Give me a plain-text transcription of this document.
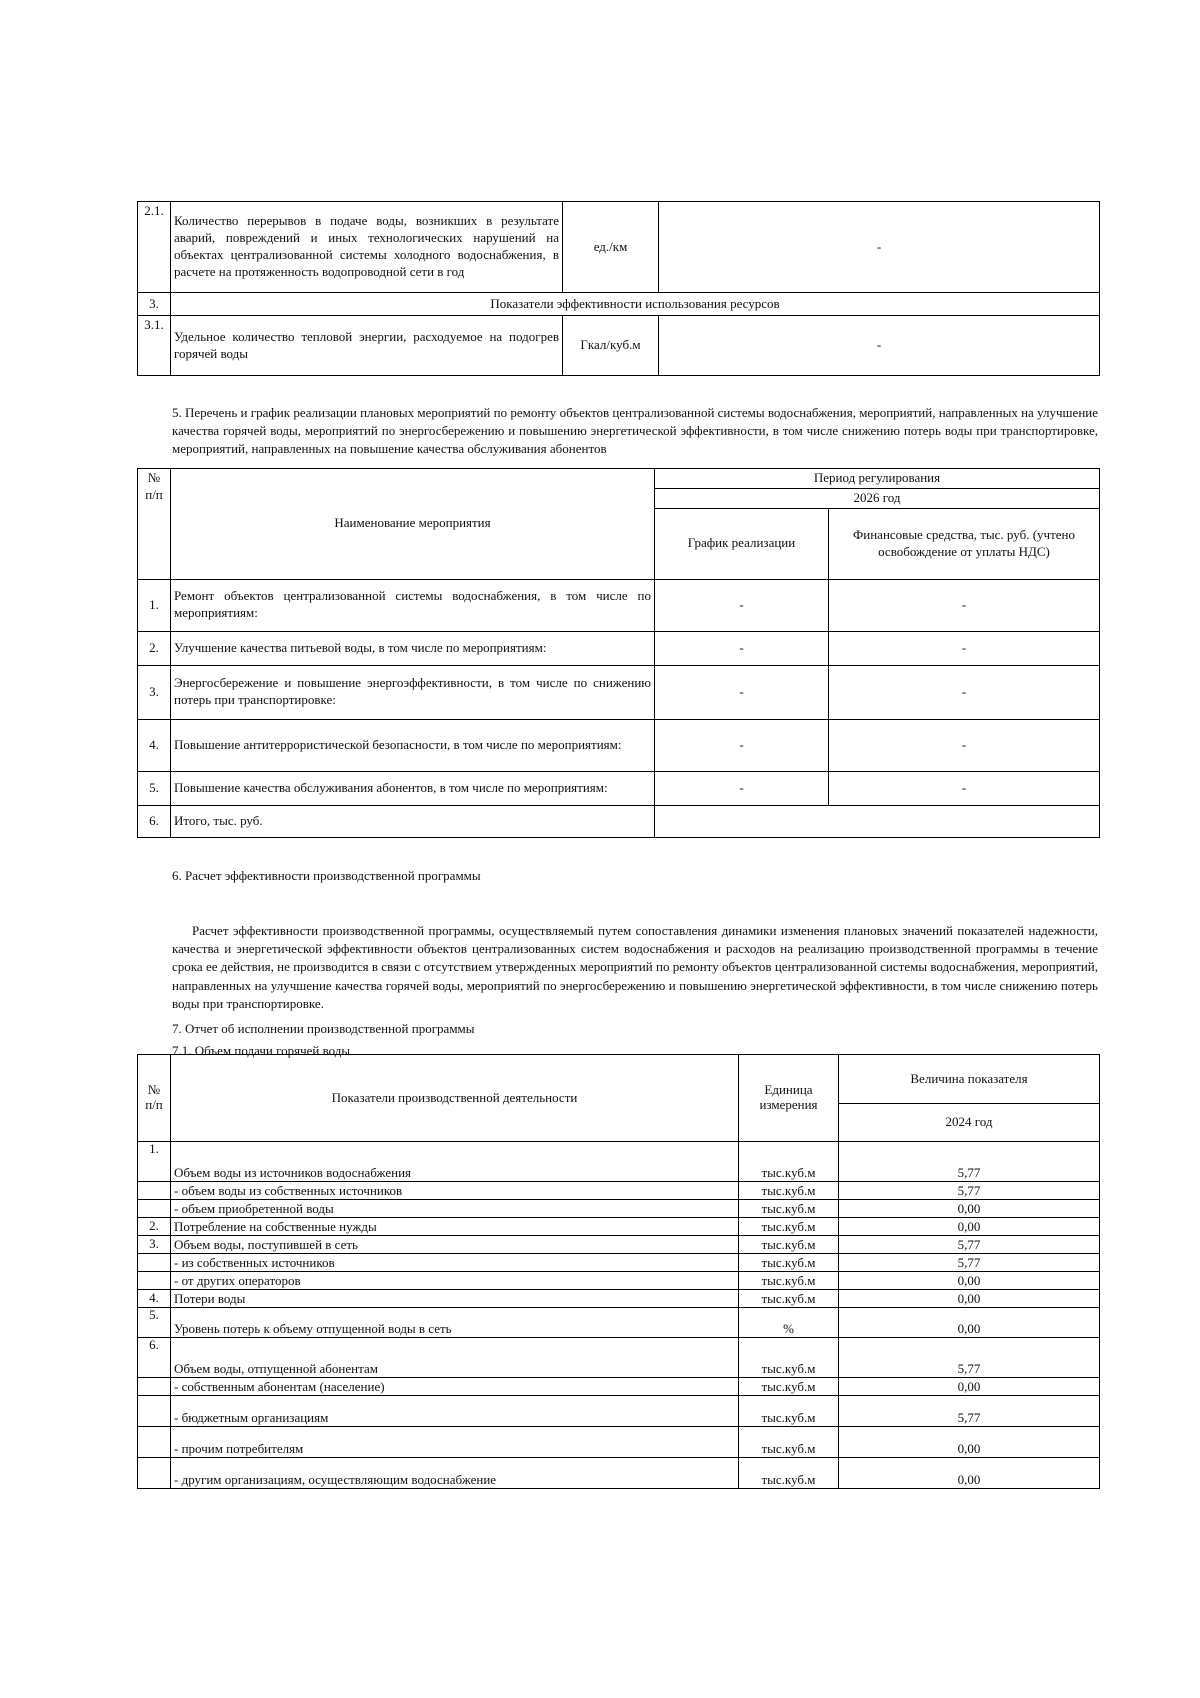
2.1.	Количество перерывов в подаче воды, возникших в результате аварий, повреждений и иных технологических нарушений на объектах централизованной системы холодного водоснабжения, в расчете на протяженность водопроводной сети в год	ед./км	-
3.	Показатели эффективности использования ресурсов		
3.1.	Удельное количество тепловой энергии, расходуемое на подогрев горячей воды	Гкал/куб.м	-
5. Перечень и график реализации плановых мероприятий по ремонту объектов централизованной системы водоснабжения, мероприятий, направленных на улучшение качества горячей воды, мероприятий по энергосбережению и повышению энергетической эффективности, в том числе снижению потерь воды при транспортировке, мероприятий, направленных на повышение качества обслуживания абонентов
№ п/п	Наименование мероприятия	Период регулирования	
		2026 год	
		График реализации	Финансовые средства, тыс. руб. (учтено освобождение от уплаты НДС)
1.	Ремонт объектов централизованной системы водоснабжения, в том числе по мероприятиям:	-	-
2.	Улучшение качества питьевой воды, в том числе по мероприятиям:	-	-
3.	Энергосбережение и повышение энергоэффективности, в том числе по снижению потерь при транспортировке:	-	-
4.	Повышение антитеррористической безопасности, в том числе по мероприятиям:	-	-
5.	Повышение качества обслуживания абонентов, в том числе по мероприятиям:	-	-
6.	Итого, тыс. руб.		
6. Расчет эффективности производственной программы
Расчет эффективности производственной программы, осуществляемый путем сопоставления динамики изменения плановых значений показателей надежности, качества и энергетической эффективности объектов централизованных систем водоснабжения и расходов на реализацию производственной программы в течение срока ее действия, не производится в связи с отсутствием утвержденных мероприятий по ремонту объектов централизованной системы водоснабжения, мероприятий, направленных на улучшение качества горячей воды, мероприятий по энергосбережению и повышению энергетической эффективности, в том числе снижению потерь воды при транспортировке.
7. Отчет об исполнении производственной программы
7.1. Объем подачи горячей воды
№ п/п	Показатели производственной деятельности	Единица измерения	Величина показателя
			2024 год
1.	Объем воды из источников водоснабжения	тыс.куб.м	5,77
	- объем воды из собственных источников	тыс.куб.м	5,77
	- объем приобретенной воды	тыс.куб.м	0,00
2.	Потребление на собственные нужды	тыс.куб.м	0,00
3.	Объем воды, поступившей в сеть	тыс.куб.м	5,77
	- из собственных источников	тыс.куб.м	5,77
	- от других операторов	тыс.куб.м	0,00
4.	Потери воды	тыс.куб.м	0,00
5.	Уровень потерь к объему отпущенной воды в сеть	%	0,00
6.	Объем воды, отпущенной абонентам	тыс.куб.м	5,77
	- собственным абонентам (население)	тыс.куб.м	0,00
	- бюджетным организациям	тыс.куб.м	5,77
	- прочим потребителям	тыс.куб.м	0,00
	- другим организациям, осуществляющим водоснабжение	тыс.куб.м	0,00
